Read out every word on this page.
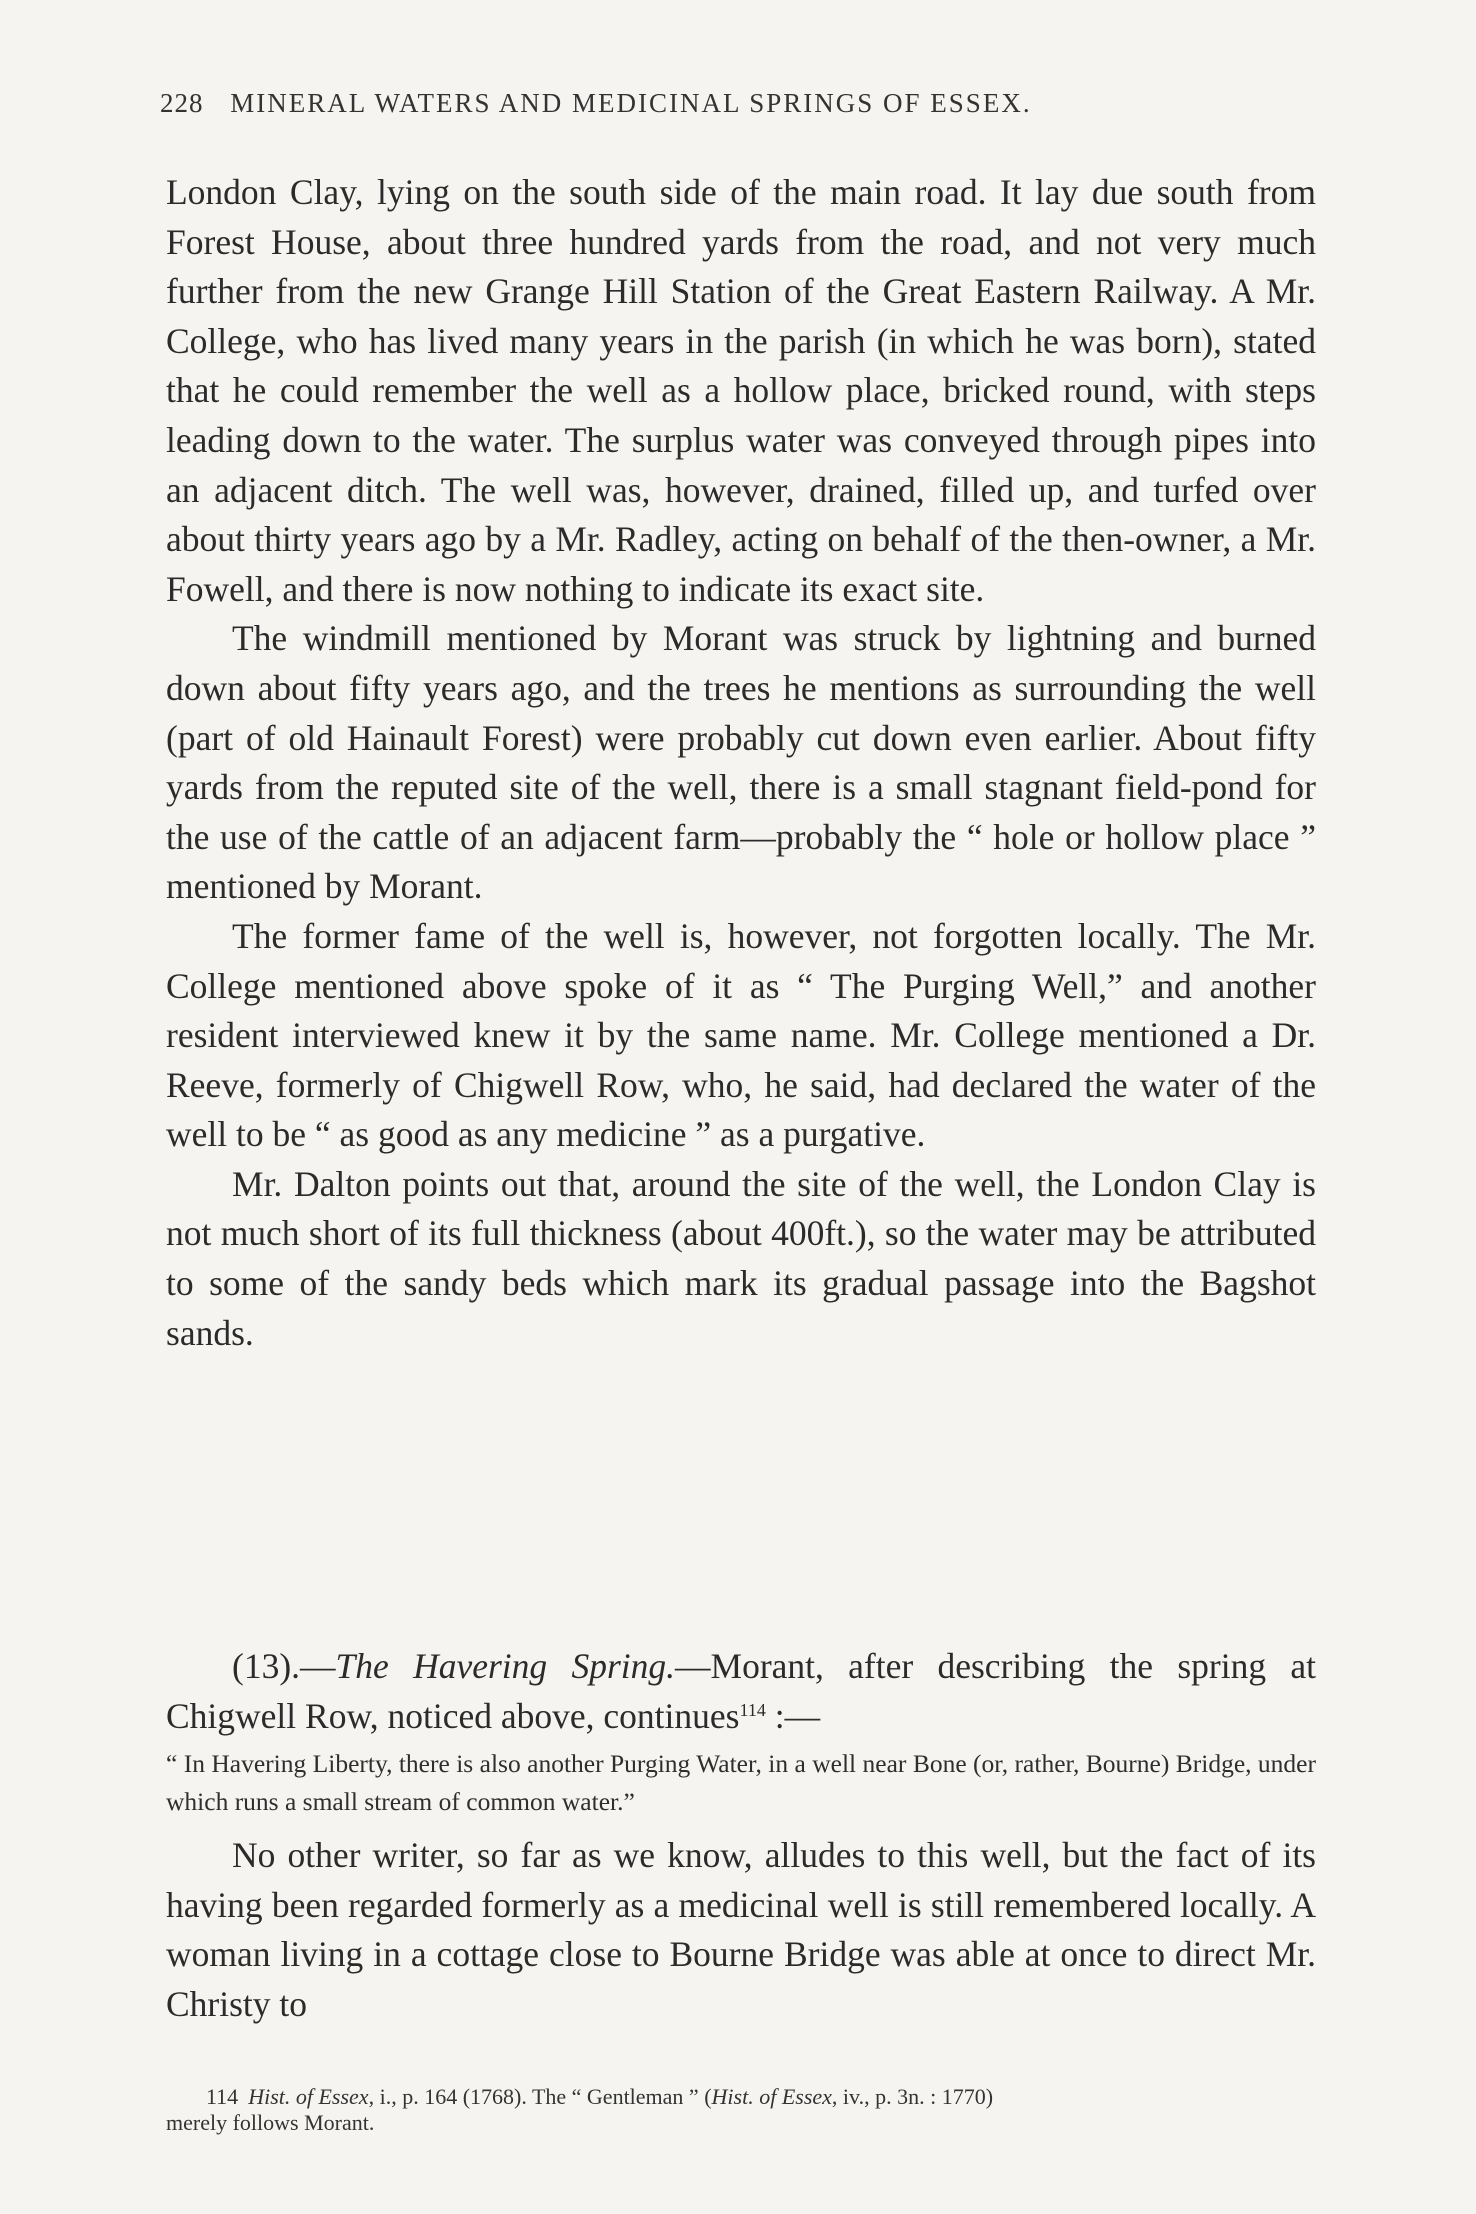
228 MINERAL WATERS AND MEDICINAL SPRINGS OF ESSEX.

London Clay, lying on the south side of the main road. It lay due south from Forest House, about three hundred yards from the road, and not very much further from the new Grange Hill Station of the Great Eastern Railway. A Mr. College, who has lived many years in the parish (in which he was born), stated that he could remember the well as a hollow place, bricked round, with steps leading down to the water. The surplus water was conveyed through pipes into an adjacent ditch. The well was, however, drained, filled up, and turfed over about thirty years ago by a Mr. Radley, acting on behalf of the then-owner, a Mr. Fowell, and there is now nothing to indicate its exact site.

The windmill mentioned by Morant was struck by lightning and burned down about fifty years ago, and the trees he mentions as surrounding the well (part of old Hainault Forest) were probably cut down even earlier. About fifty yards from the reputed site of the well, there is a small stagnant field-pond for the use of the cattle of an adjacent farm—probably the “ hole or hollow place ” mentioned by Morant.

The former fame of the well is, however, not forgotten locally. The Mr. College mentioned above spoke of it as “ The Purging Well,” and another resident interviewed knew it by the same name. Mr. College mentioned a Dr. Reeve, formerly of Chigwell Row, who, he said, had declared the water of the well to be “ as good as any medicine ” as a purgative.

Mr. Dalton points out that, around the site of the well, the London Clay is not much short of its full thickness (about 400ft.), so the water may be attributed to some of the sandy beds which mark its gradual passage into the Bagshot sands.

(13).—The Havering Spring.—Morant, after describing the spring at Chigwell Row, noticed above, continues$^{114}$ :—

“ In Havering Liberty, there is also another Purging Water, in a well near Bone (or, rather, Bourne) Bridge, under which runs a small stream of common water.”

No other writer, so far as we know, alludes to this well, but the fact of its having been regarded formerly as a medicinal well is still remembered locally. A woman living in a cottage close to Bourne Bridge was able at once to direct Mr. Christy to

114 Hist. of Essex, i., p. 164 (1768). The “ Gentleman ” (Hist. of Essex, iv., p. 3n. : 1770)
merely follows Morant.
